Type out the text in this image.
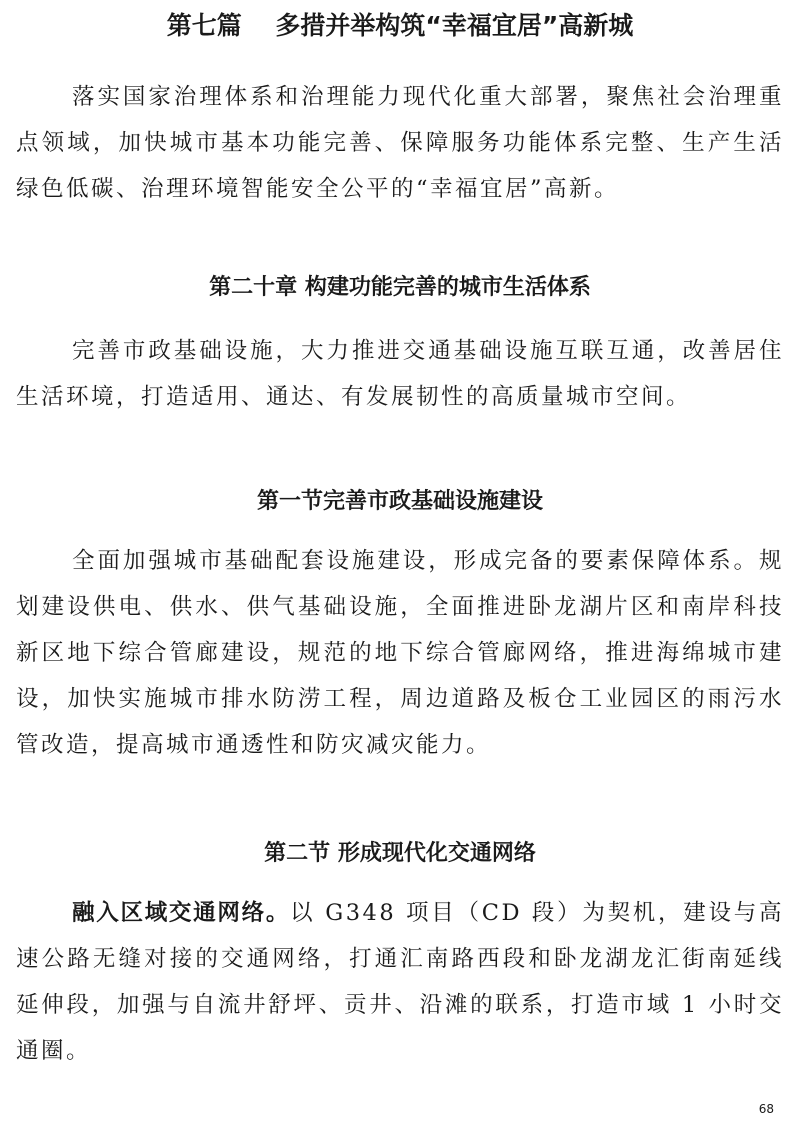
第七篇　 多措并举构筑“幸福宜居”高新城

落实国家治理体系和治理能力现代化重大部署，聚焦社会治理重点领域，加快城市基本功能完善、保障服务功能体系完整、生产生活绿色低碳、治理环境智能安全公平的“幸福宜居”高新。

第二十章 构建功能完善的城市生活体系

完善市政基础设施，大力推进交通基础设施互联互通，改善居住生活环境，打造适用、通达、有发展韧性的高质量城市空间。

第一节完善市政基础设施建设

全面加强城市基础配套设施建设，形成完备的要素保障体系。规划建设供电、供水、供气基础设施，全面推进卧龙湖片区和南岸科技新区地下综合管廊建设，规范的地下综合管廊网络，推进海绵城市建设，加快实施城市排水防涝工程，周边道路及板仓工业园区的雨污水管改造，提高城市通透性和防灾减灾能力。

第二节 形成现代化交通网络

融入区域交通网络。以 G348 项目（CD 段）为契机，建设与高速公路无缝对接的交通网络，打通汇南路西段和卧龙湖龙汇街南延线延伸段，加强与自流井舒坪、贡井、沿滩的联系，打造市域 1 小时交通圈。

68
